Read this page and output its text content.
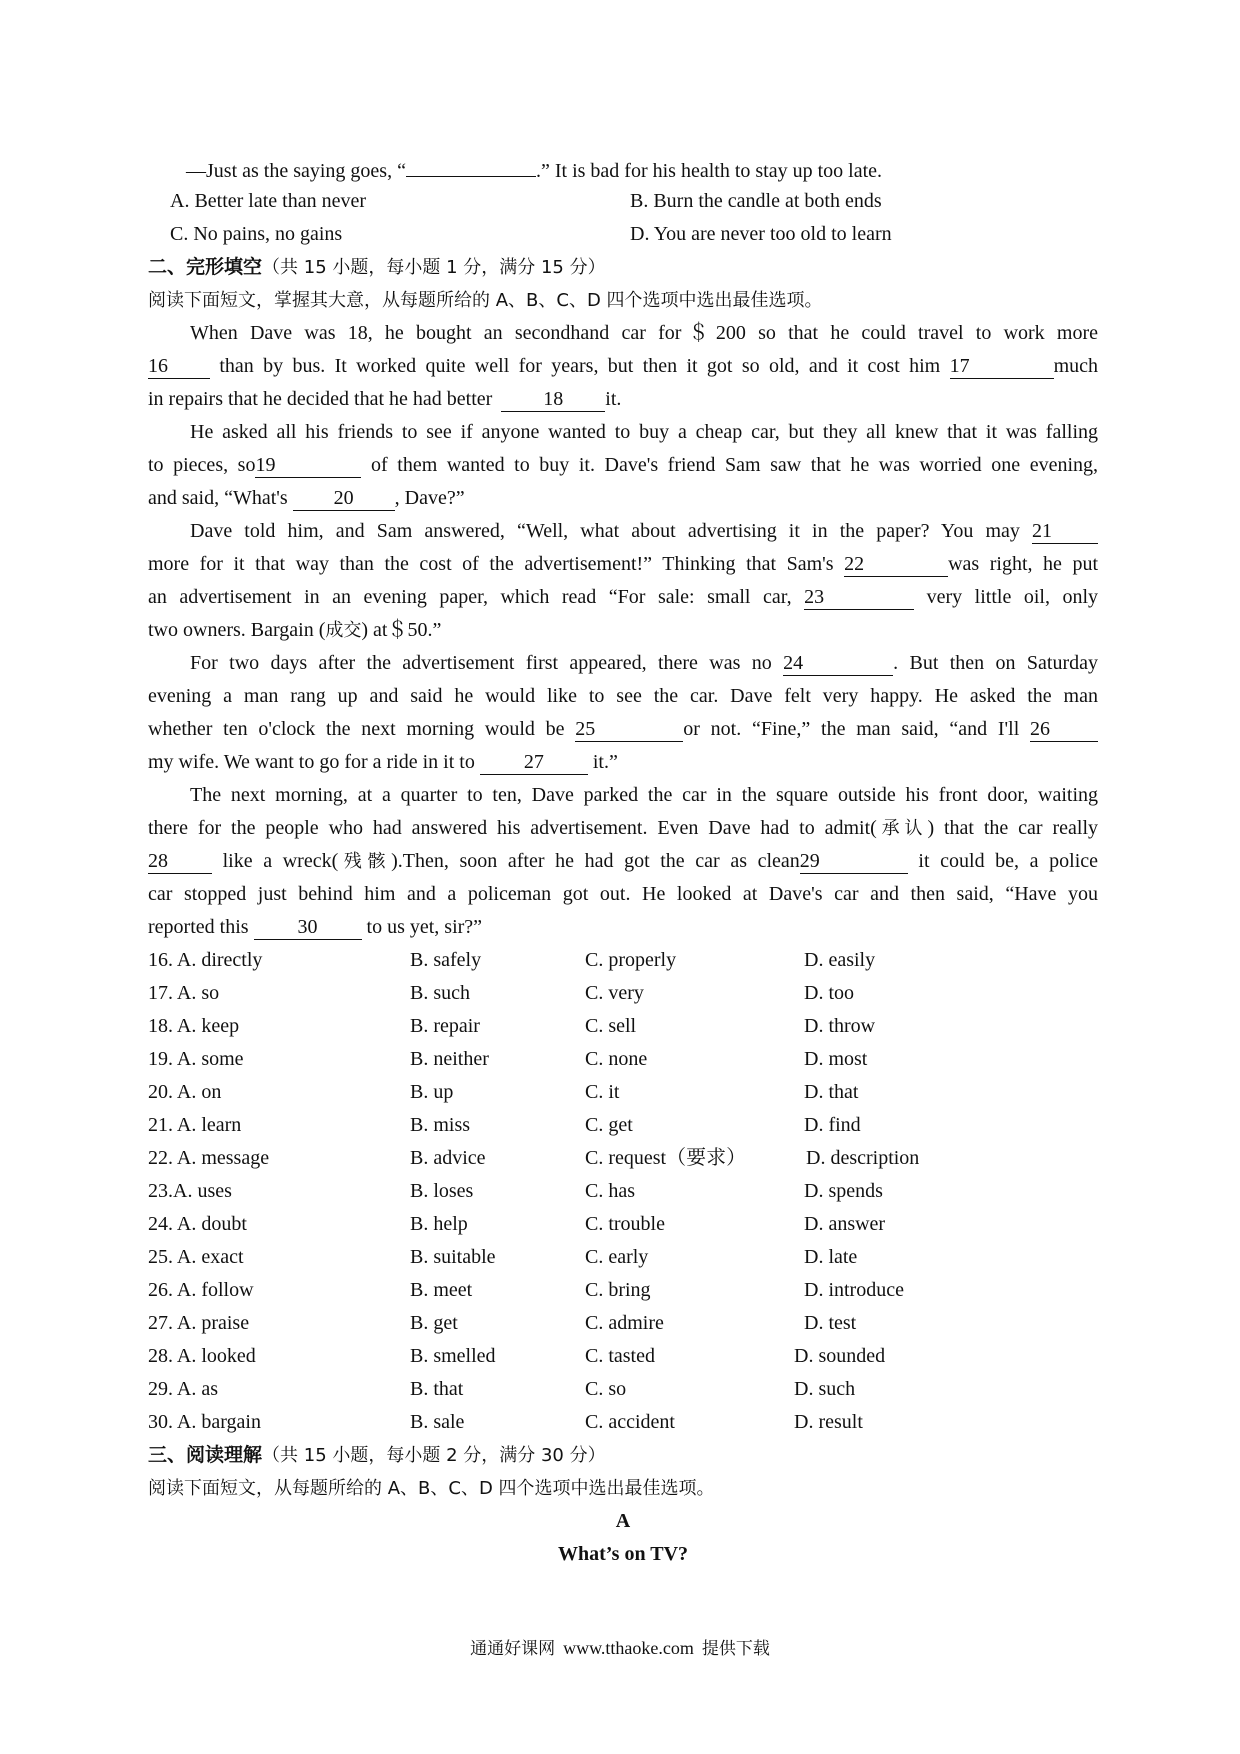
—Just as the saying goes, “	.” It is bad for his health to stay up too late.
A. Better late than never	B. Burn the candle at both ends
C. No pains, no gains	D. You are never too old to learn
二、完形填空（共 15 小题，每小题 1 分，满分 15 分）
阅读下面短文，掌握其大意，从每题所给的 A、B、C、D 四个选项中选出最佳选项。
When Dave was 18, he bought an secondhand car for＄200 so that he could travel to work more
16	than by bus. It worked quite well for years, but then it got so old, and it cost him 17	much
in repairs that he decided that he had better	18 it.
He asked all his friends to see if anyone wanted to buy a cheap car, but they all knew that it was falling
to pieces, so19	of them wanted to buy it. Dave's friend Sam saw that he was worried one evening,
and said, “What's 20 , Dave?”
Dave told him, and Sam answered, “Well, what about advertising it in the paper? You may 21
more for it that way than the cost of the advertisement!” Thinking that Sam's 22	was right, he put
an advertisement in an evening paper, which read “For sale: small car, 23	very little oil, only
two owners. Bargain (成交) at＄50.”
For two days after the advertisement first appeared, there was no 24	. But then on Saturday
evening a man rang up and said he would like to see the car. Dave felt very happy. He asked the man
whether ten o'clock the next morning would be 25	or not. “Fine,” the man said, “and I'll 26
my wife. We want to go for a ride in it to 27 it.”
The next morning, at a quarter to ten, Dave parked the car in the square outside his front door, waiting
there for the people who had answered his advertisement. Even Dave had to admit(承认) that the car really
28	like a wreck(残骸).Then, soon after he had got the car as clean29	it could be, a police
car stopped just behind him and a policeman got out. He looked at Dave's car and then said, “Have you
reported this 30 to us yet, sir?”
16. A. directly	B. safely	C. properly	D. easily
17. A. so	B. such	C. very	D. too
18. A. keep	B. repair	C. sell	D. throw
19. A. some	B. neither	C. none	D. most
20. A. on	B. up	C. it	D. that
21. A. learn	B. miss	C. get	D. find
22. A. message	B. advice	C. request（要求）	D. description
23.A. uses	B. loses	C. has	D. spends
24. A. doubt	B. help	C. trouble	D. answer
25. A. exact	B. suitable	C. early	D. late
26. A. follow	B. meet	C. bring	D. introduce
27. A. praise	B. get	C. admire	D. test
28. A. looked	B. smelled	C. tasted	D. sounded
29. A. as	B. that	C. so	D. such
30. A. bargain	B. sale	C. accident	D. result
三、阅读理解（共 15 小题，每小题 2 分，满分 30 分）
阅读下面短文，从每题所给的 A、B、C、D 四个选项中选出最佳选项。
A
What’s on TV?
通通好课网 www.tthaoke.com 提供下载
